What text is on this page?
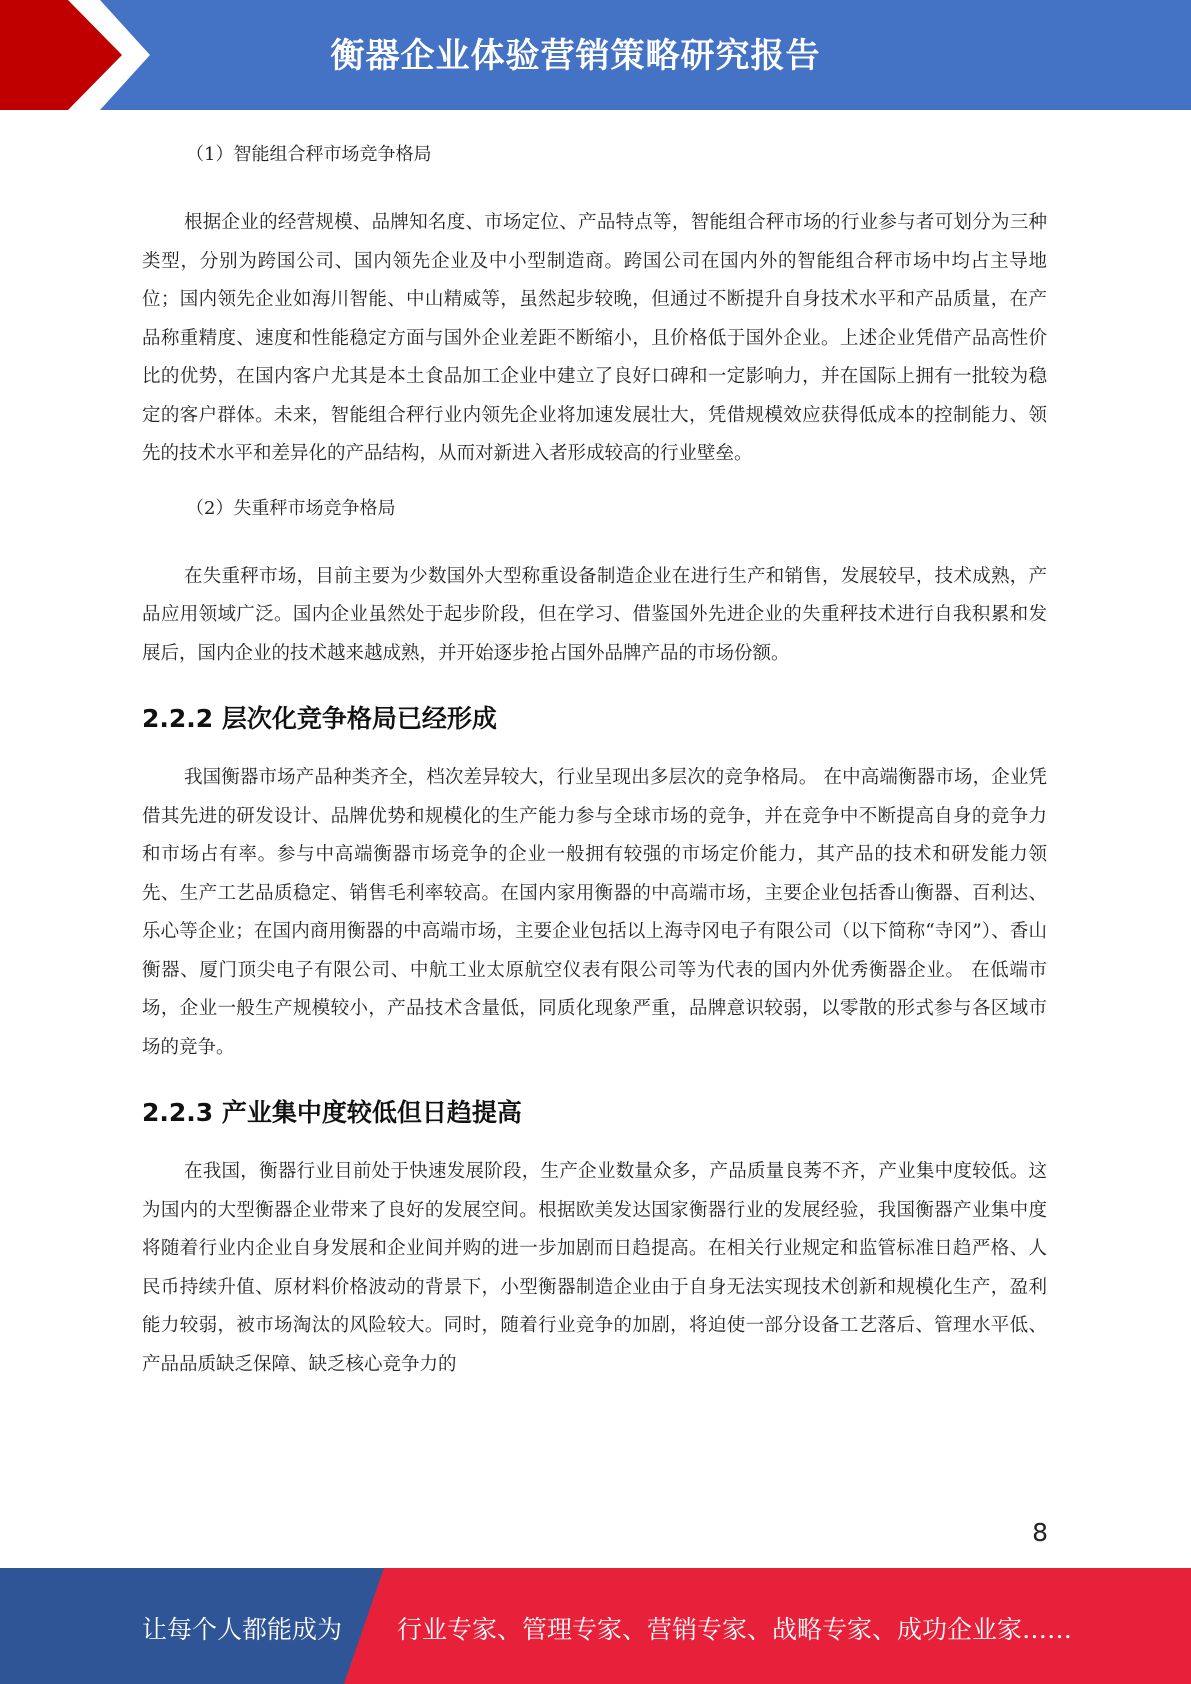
衡器企业体验营销策略研究报告

（1）智能组合秤市场竞争格局

根据企业的经营规模、品牌知名度、市场定位、产品特点等，智能组合秤市场的行业参与者可划分为三种类型，分别为跨国公司、国内领先企业及中小型制造商。跨国公司在国内外的智能组合秤市场中均占主导地位；国内领先企业如海川智能、中山精威等，虽然起步较晚，但通过不断提升自身技术水平和产品质量，在产品称重精度、速度和性能稳定方面与国外企业差距不断缩小，且价格低于国外企业。上述企业凭借产品高性价比的优势，在国内客户尤其是本土食品加工企业中建立了良好口碑和一定影响力，并在国际上拥有一批较为稳定的客户群体。未来，智能组合秤行业内领先企业将加速发展壮大，凭借规模效应获得低成本的控制能力、领先的技术水平和差异化的产品结构，从而对新进入者形成较高的行业壁垒。

（2）失重秤市场竞争格局

在失重秤市场，目前主要为少数国外大型称重设备制造企业在进行生产和销售，发展较早，技术成熟，产品应用领域广泛。国内企业虽然处于起步阶段，但在学习、借鉴国外先进企业的失重秤技术进行自我积累和发展后，国内企业的技术越来越成熟，并开始逐步抢占国外品牌产品的市场份额。

2.2.2 层次化竞争格局已经形成

我国衡器市场产品种类齐全，档次差异较大，行业呈现出多层次的竞争格局。 在中高端衡器市场，企业凭借其先进的研发设计、品牌优势和规模化的生产能力参与全球市场的竞争，并在竞争中不断提高自身的竞争力和市场占有率。参与中高端衡器市场竞争的企业一般拥有较强的市场定价能力，其产品的技术和研发能力领先、生产工艺品质稳定、销售毛利率较高。在国内家用衡器的中高端市场，主要企业包括香山衡器、百利达、乐心等企业；在国内商用衡器的中高端市场，主要企业包括以上海寺冈电子有限公司（以下简称“寺冈”）、香山衡器、厦门顶尖电子有限公司、中航工业太原航空仪表有限公司等为代表的国内外优秀衡器企业。 在低端市场，企业一般生产规模较小，产品技术含量低，同质化现象严重，品牌意识较弱，以零散的形式参与各区域市场的竞争。

2.2.3 产业集中度较低但日趋提高

在我国，衡器行业目前处于快速发展阶段，生产企业数量众多，产品质量良莠不齐，产业集中度较低。这为国内的大型衡器企业带来了良好的发展空间。根据欧美发达国家衡器行业的发展经验，我国衡器产业集中度将随着行业内企业自身发展和企业间并购的进一步加剧而日趋提高。在相关行业规定和监管标准日趋严格、人民币持续升值、原材料价格波动的背景下，小型衡器制造企业由于自身无法实现技术创新和规模化生产，盈利能力较弱，被市场淘汰的风险较大。同时，随着行业竞争的加剧，将迫使一部分设备工艺落后、管理水平低、产品品质缺乏保障、缺乏核心竞争力的

8
让每个人都能成为 行业专家、管理专家、营销专家、战略专家、成功企业家……
